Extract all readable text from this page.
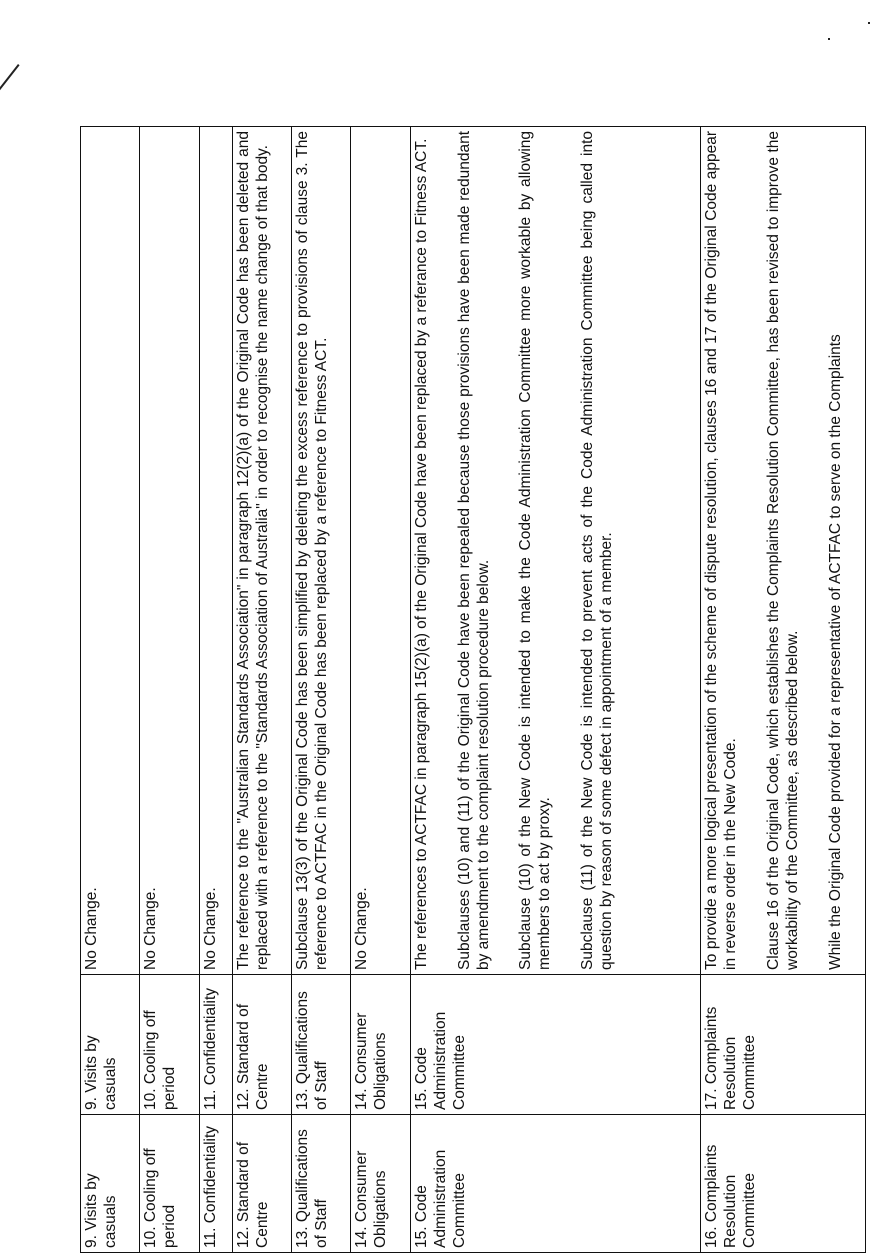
9. Visits by casuals	9. Visits by casuals	No Change.

10. Cooling off period	10. Cooling off period	No Change.

11. Confidentiality	11. Confidentiality	No Change.

12. Standard of Centre	12. Standard of Centre	The reference to the "Australian Standards Association" in paragraph 12(2)(a) of the Original Code has been deleted and replaced with a reference to the "Standards Association of Australia" in order to recognise the name change of that body.

13. Qualifications of Staff	13. Qualifications of Staff	Subclause 13(3) of the Original Code has been simplified by deleting the excess reference to provisions of clause 3. The reference to ACTFAC in the Original Code has been replaced by a reference to Fitness ACT.

14. Consumer Obligations	14. Consumer Obligations	No Change.

15. Code Administration Committee	15. Code Administration Committee	The references to ACTFAC in paragraph 15(2)(a) of the Original Code have been replaced by a referance to Fitness ACT. Subclauses (10) and (11) of the Original Code have been repealed because those provisions have been made redundant by amendment to the complaint resolution procedure below. Subclause (10) of the New Code is intended to make the Code Administration Committee more workable by allowing members to act by proxy. Subclause (11) of the New Code is intended to prevent acts of the Code Administration Committee being called into question by reason of some defect in appointment of a member.

16. Complaints Resolution Committee	17. Complaints Resolution Committee	To provide a more logical presentation of the scheme of dispute resolution, clauses 16 and 17 of the Original Code appear in reverse order in the New Code. Clause 16 of the Original Code, which establishes the Complaints Resolution Committee, has been revised to improve the workability of the Committee, as described below. While the Original Code provided for a representative of ACTFAC to serve on the Complaints
